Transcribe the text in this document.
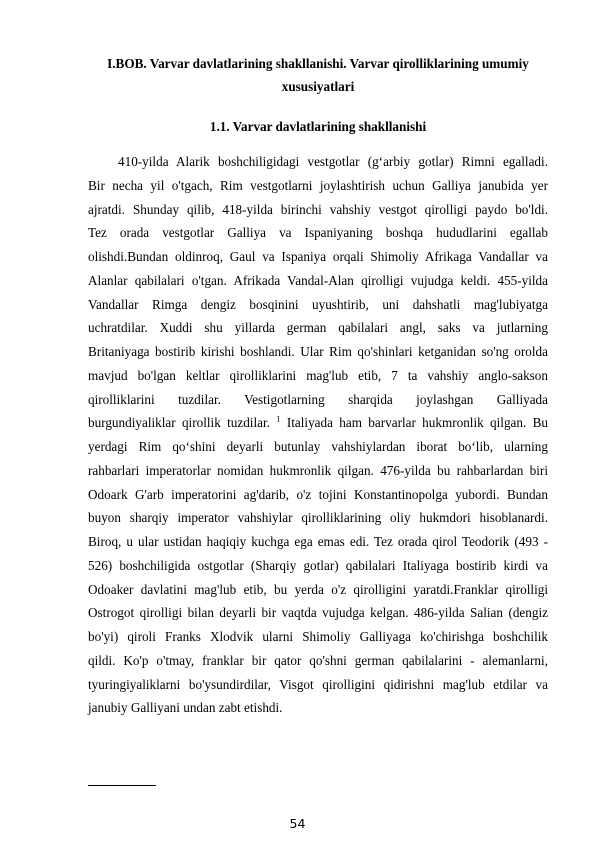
I.BOB. Varvar davlatlarining shakllanishi. Varvar qirolliklarining umumiy xususiyatlari
1.1. Varvar davlatlarining shakllanishi
410-yilda Alarik boshchiligidagi vestgotlar (g‘arbiy gotlar) Rimni egalladi.
Bir necha yil o'tgach, Rim vestgotlarni joylashtirish uchun Galliya janubida yer
ajratdi. Shunday qilib, 418-yilda birinchi vahshiy vestgot qirolligi paydo bo'ldi.
Tez orada vestgotlar Galliya va Ispaniyaning boshqa hududlarini egallab
olishdi.Bundan oldinroq, Gaul va Ispaniya orqali Shimoliy Afrikaga Vandallar va
Alanlar qabilalari o'tgan. Afrikada Vandal-Alan qirolligi vujudga keldi. 455-yilda
Vandallar Rimga dengiz bosqinini uyushtirib, uni dahshatli mag'lubiyatga
uchratdilar. Xuddi shu yillarda german qabilalari angl, saks va jutlarning
Britaniyaga bostirib kirishi boshlandi. Ular Rim qo'shinlari ketganidan so'ng orolda
mavjud bo'lgan keltlar qirolliklarini mag'lub etib, 7 ta vahshiy anglo-sakson
qirolliklarini tuzdilar. Vestigotlarning sharqida joylashgan Galliyada
burgundiyaliklar qirollik tuzdilar. $^1$ Italiyada ham barvarlar hukmronlik qilgan. Bu
yerdagi Rim qo‘shini deyarli butunlay vahshiylardan iborat bo‘lib, ularning
rahbarlari imperatorlar nomidan hukmronlik qilgan. 476-yilda bu rahbarlardan biri
Odoark G'arb imperatorini ag'darib, o'z tojini Konstantinopolga yubordi. Bundan
buyon sharqiy imperator vahshiylar qirolliklarining oliy hukmdori hisoblanardi.
Biroq, u ular ustidan haqiqiy kuchga ega emas edi. Tez orada qirol Teodorik (493 -
526) boshchiligida ostgotlar (Sharqiy gotlar) qabilalari Italiyaga bostirib kirdi va
Odoaker davlatini mag'lub etib, bu yerda o'z qirolligini yaratdi.Franklar qirolligi
Ostrogot qirolligi bilan deyarli bir vaqtda vujudga kelgan. 486-yilda Salian (dengiz
bo'yi) qiroli Franks Xlodvik ularni Shimoliy Galliyaga ko'chirishga boshchilik
qildi. Ko'p o'tmay, franklar bir qator qo'shni german qabilalarini - alemanlarni,
tyuringiyaliklarni bo'ysundirdilar, Visgot qirolligini qidirishni mag'lub etdilar va
janubiy Galliyani undan zabt etishdi.
54
